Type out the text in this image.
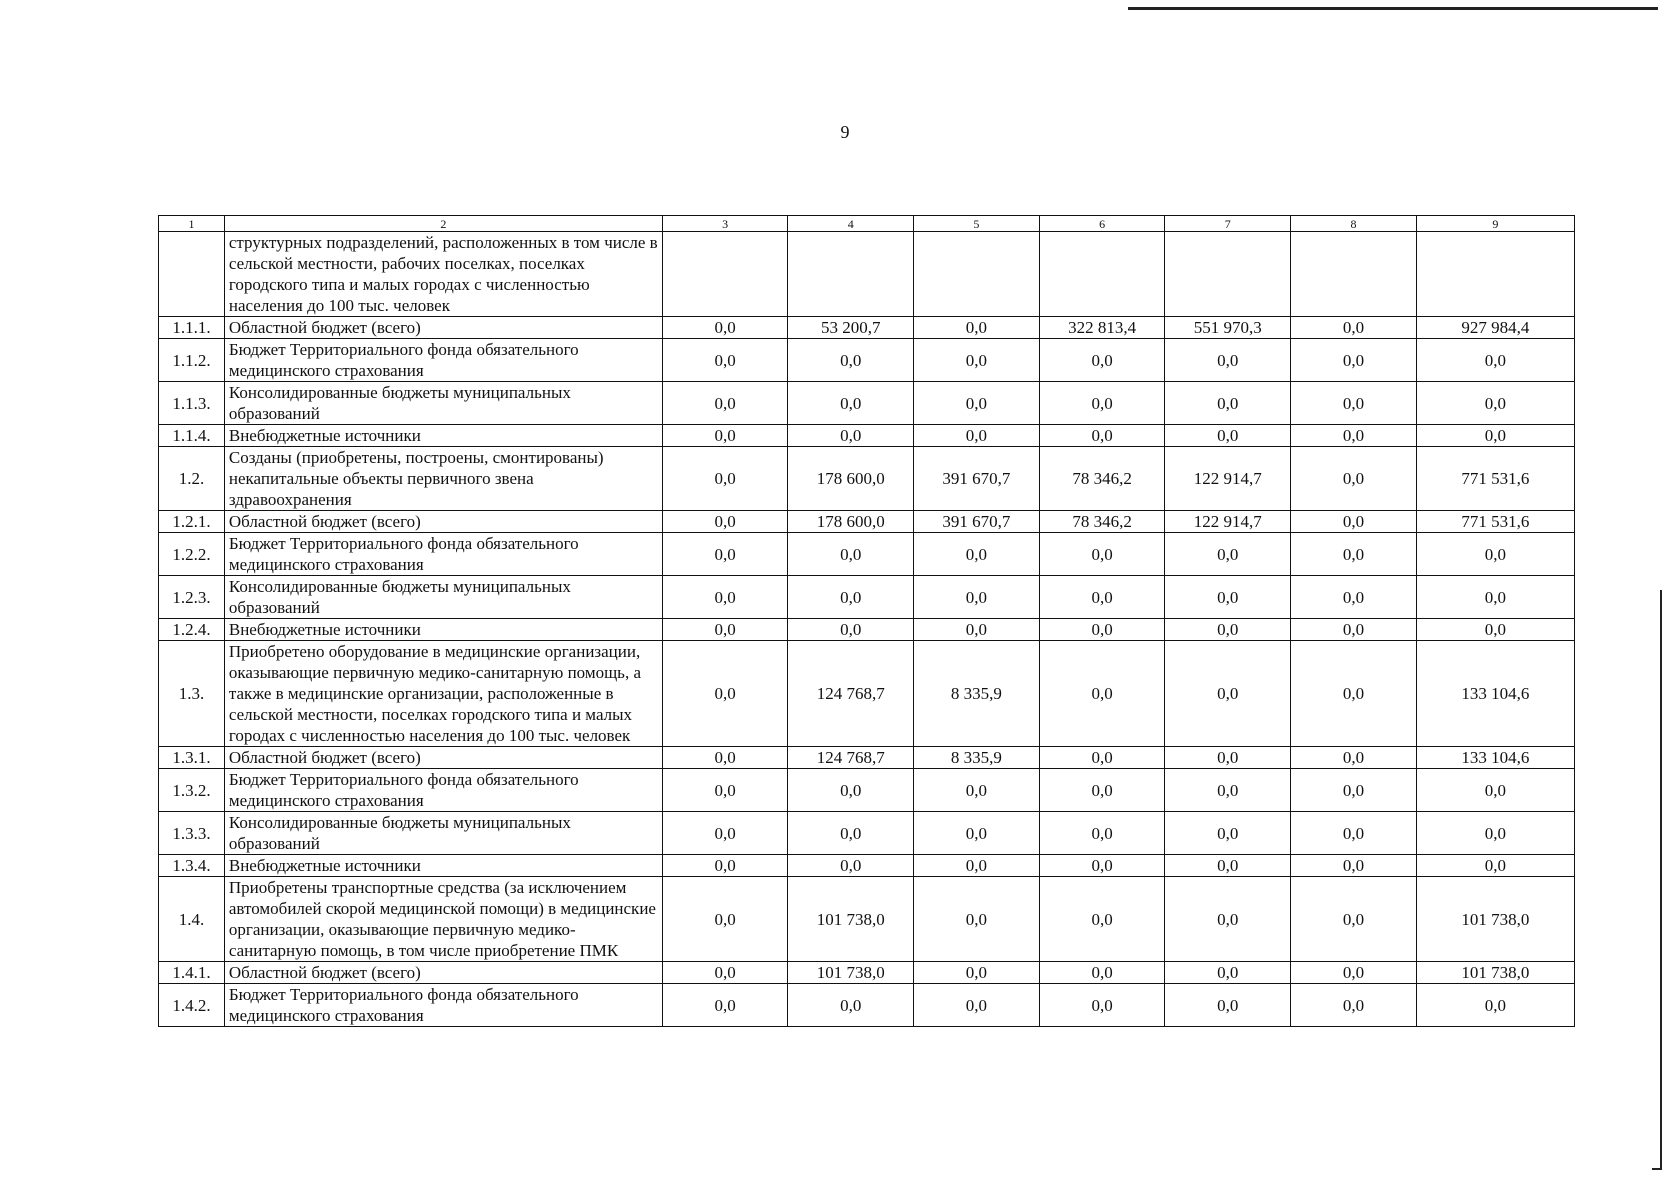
9
1	2	3	4	5	6	7	8	9
	структурных подразделений, расположенных в том числе в сельской местности, рабочих поселках, поселках городского типа и малых городах с численностью населения до 100 тыс. человек							
1.1.1.	Областной бюджет (всего)	0,0	53 200,7	0,0	322 813,4	551 970,3	0,0	927 984,4
1.1.2.	Бюджет Территориального фонда обязательного медицинского страхования	0,0	0,0	0,0	0,0	0,0	0,0	0,0
1.1.3.	Консолидированные бюджеты муниципальных образований	0,0	0,0	0,0	0,0	0,0	0,0	0,0
1.1.4.	Внебюджетные источники	0,0	0,0	0,0	0,0	0,0	0,0	0,0
1.2.	Созданы (приобретены, построены, смонтированы) некапитальные объекты первичного звена здравоохранения	0,0	178 600,0	391 670,7	78 346,2	122 914,7	0,0	771 531,6
1.2.1.	Областной бюджет (всего)	0,0	178 600,0	391 670,7	78 346,2	122 914,7	0,0	771 531,6
1.2.2.	Бюджет Территориального фонда обязательного медицинского страхования	0,0	0,0	0,0	0,0	0,0	0,0	0,0
1.2.3.	Консолидированные бюджеты муниципальных образований	0,0	0,0	0,0	0,0	0,0	0,0	0,0
1.2.4.	Внебюджетные источники	0,0	0,0	0,0	0,0	0,0	0,0	0,0
1.3.	Приобретено оборудование в медицинские организации, оказывающие первичную медико-санитарную помощь, а также в медицинские организации, расположенные в сельской местности, поселках городского типа и малых городах с численностью населения до 100 тыс. человек	0,0	124 768,7	8 335,9	0,0	0,0	0,0	133 104,6
1.3.1.	Областной бюджет (всего)	0,0	124 768,7	8 335,9	0,0	0,0	0,0	133 104,6
1.3.2.	Бюджет Территориального фонда обязательного медицинского страхования	0,0	0,0	0,0	0,0	0,0	0,0	0,0
1.3.3.	Консолидированные бюджеты муниципальных образований	0,0	0,0	0,0	0,0	0,0	0,0	0,0
1.3.4.	Внебюджетные источники	0,0	0,0	0,0	0,0	0,0	0,0	0,0
1.4.	Приобретены транспортные средства (за исключением автомобилей скорой медицинской помощи) в медицинские организации, оказывающие первичную медико-санитарную помощь, в том числе приобретение ПМК	0,0	101 738,0	0,0	0,0	0,0	0,0	101 738,0
1.4.1.	Областной бюджет (всего)	0,0	101 738,0	0,0	0,0	0,0	0,0	101 738,0
1.4.2.	Бюджет Территориального фонда обязательного медицинского страхования	0,0	0,0	0,0	0,0	0,0	0,0	0,0
